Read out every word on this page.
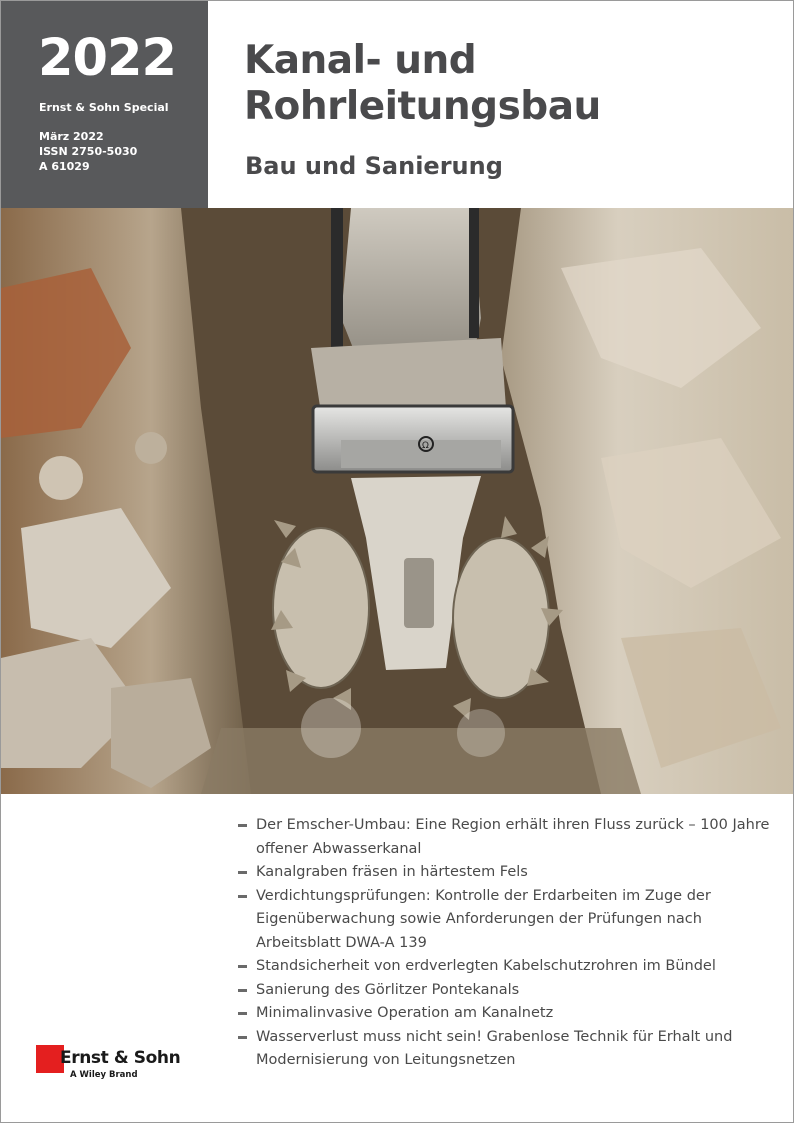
2022
Ernst & Sohn Special
März 2022
ISSN 2750-5030
A 61029
Kanal- und
Rohrleitungsbau
Bau und Sanierung
Ω
Der Emscher-Umbau: Eine Region erhält ihren Fluss zurück – 100 Jahre offener Abwasserkanal
Kanalgraben fräsen in härtestem Fels
Verdichtungsprüfungen: Kontrolle der Erdarbeiten im Zuge der Eigenüberwachung sowie Anforderungen der Prüfungen nach Arbeitsblatt DWA-A 139
Standsicherheit von erdverlegten Kabelschutzrohren im Bündel
Sanierung des Görlitzer Pontekanals
Minimalinvasive Operation am Kanalnetz
Wasserverlust muss nicht sein! Grabenlose Technik für Erhalt und Modernisierung von Leitungsnetzen
Ernst & Sohn
A Wiley Brand
